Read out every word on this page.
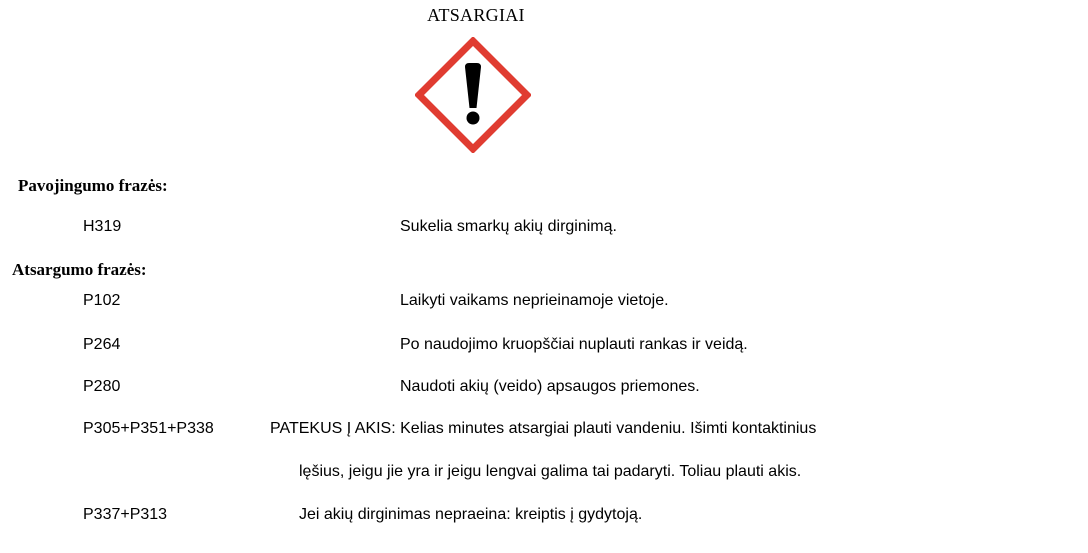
ATSARGIAI
Pavojingumo frazės:
H319	Sukelia smarkų akių dirginimą.
Atsargumo frazės:
P102	Laikyti vaikams neprieinamoje vietoje.
P264	Po naudojimo kruopščiai nuplauti rankas ir veidą.
P280	Naudoti akių (veido) apsaugos priemones.
P305+P351+P338	PATEKUS Į AKIS: Kelias minutes atsargiai plauti vandeniu. Išimti kontaktinius
lęšius, jeigu jie yra ir jeigu lengvai galima tai padaryti. Toliau plauti akis.
P337+P313	Jei akių dirginimas nepraeina: kreiptis į gydytoją.
